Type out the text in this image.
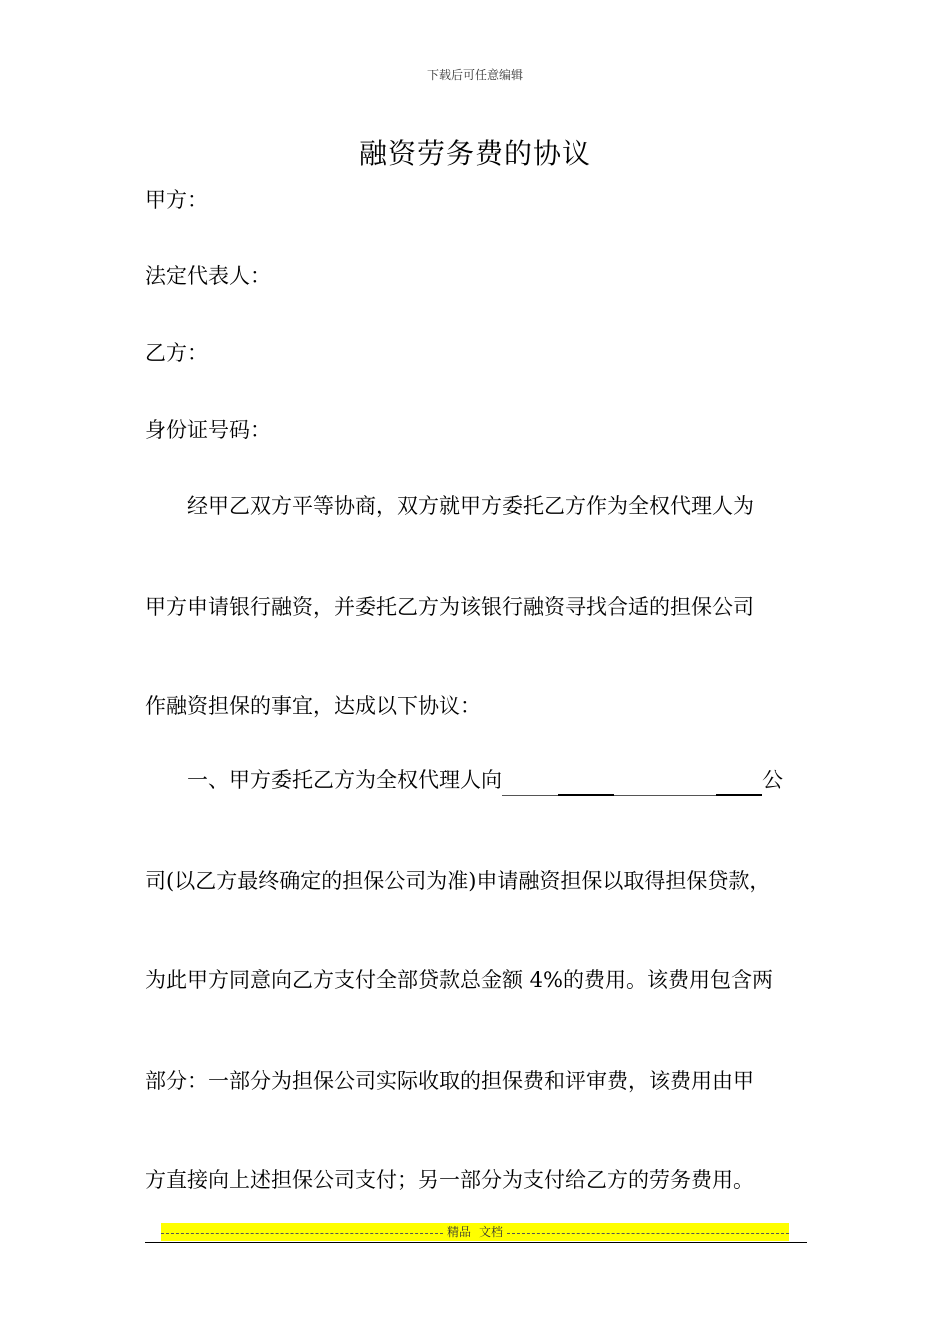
下载后可任意编辑
融资劳务费的协议
甲方：
法定代表人：
乙方：
身份证号码：
经甲乙双方平等协商，双方就甲方委托乙方作为全权代理人为
甲方申请银行融资，并委托乙方为该银行融资寻找合适的担保公司
作融资担保的事宜，达成以下协议：
一、甲方委托乙方为全权代理人向	公
司(以乙方最终确定的担保公司为准)申请融资担保以取得担保贷款，
为此甲方同意向乙方支付全部贷款总金额 4%的费用。该费用包含两
部分：一部分为担保公司实际收取的担保费和评审费，该费用由甲
方直接向上述担保公司支付；另一部分为支付给乙方的劳务费用。
精品 文档
